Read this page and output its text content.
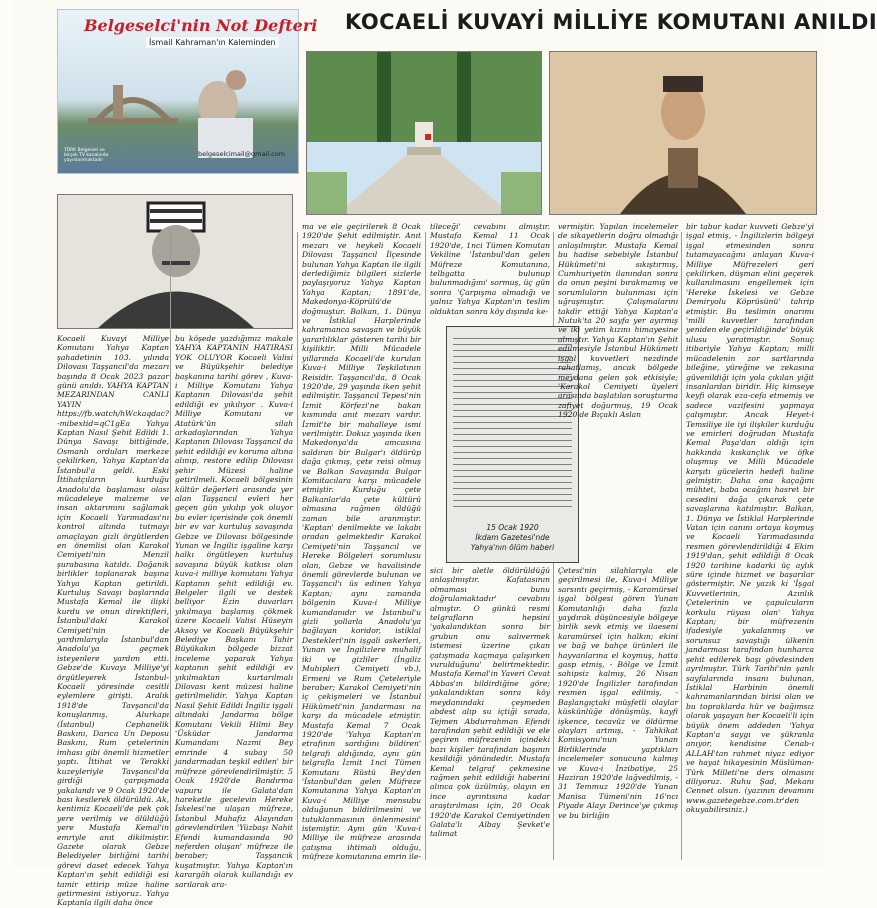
Belgeselci'nin Not Defteri
İsmail Kahraman'ın Kaleminden
TÜRK Belgeseli ve birçok TV kanalında yayınlanmaktadır
belgeselcimail@gmail.com
KOCAELİ KUVAYİ MİLLİYE KOMUTANI ANILDI

Kocaeli Kuvayi Milliye Komutanı Yahya Kaptan şahadetinin 103. yılında Dilovası Taşşancıl'da mezarı başında 8 Ocak 2023 pazar günü anıldı. YAHYA KAPTAN MEZARINDAN CANLI YAYIN https://fb.watch/hWckaqdac?-mibextid=qC1gEa Yahya Kaptan Nasıl Şehit Edildi 1. Dünya Savaşı bittiğinde, Osmanlı orduları merkeze çekilirken, Yahya Kaptan'da İstanbul'a geldi. Eski İttihatçıların kurduğu Anadolu'da başlaması olası mücadeleye malzeme ve insan aktarımını sağlamak için Kocaeli Yarımadası'nı kontrol altında tutmayı amaçlayan gizli örgütlerden en önemlisi olan Karakol Cemiyeti'nin Menzil şurabasına katıldı. Doğanık birlikler toplanarak başına Yahya Kaptan getirildi. Kurtuluş Savaşı başlarında Mustafa Kemal ile ilişki kurdu ve onun direktifleri, İstanbul'daki Karakol Cemiyeti'nin de yardımlarıyla İstanbul'dan Anadolu'ya geçmek isteyenlere yardım etti. Gebze'de Kuvayı Milliye'yi örgütleyerek İstanbul-Kocaeli yöresinde cesitli eylemlere girişti. Aralık 1918'de Tavşancıl'da konuşlanmış, Alurkapı (İstanbul) Cephanelik Baskını, Darıca Un Deposu Baskını, Rum çetelerinin imhası gibi önemli hizmetler yaptı. İttihat ve Terakki kuzeyleriyle Tavşancıl'da girdiği çarpışmada yakalandı ve 9 Ocak 1920'de bası kesilerek öldürüldü. Ak, kentimiz Kocaeli'de pek çok yere verilmiş ve ölüldüğü yere Mustafa Kemal'in emriyle anıt dikilmiştir. Gazete olarak Gebze Belediyeler birliğini tarihi görevi daset edecek Yahya Kaptan'ın şehit edildiği esi tamir ettirip müze haline getirmesini istiyoruz. Yahya Kaptanla ilgili daha önce

bu köşede yazdığımız makale YAHYA KAPTANIN HATIRASI YOK OLUYOR Kocaeli Valisi ve Büyükşehir belediye başkanına tarihi görev , Kuva-i Milliye Komutanı Yahya Kaptanın Dilovası'da şehit edildiği ev yıkılıyor . Kuva-i Milliye Komutanı ve Atatürk'ün silah arkadaşlarından Yahya Kaptanın Dilovası Taşşancıl da şehit edildiği ev koruma altına alınıp, restore edilip Dilovası şehir Müzesi haline getirilmeli. Kocaeli bölgesinin kültür değerleri arasında yer alan Taşşancıl evleri her geçen gün yıkılıp yok oluyor bu evler içerisinde çok önemli bir ev var kurtuluş savaşında Gebze ve Dilovası bölgesinde Yunan ve İngiliz işgaline karşı halkı örgütleyen kurtuluş savaşına büyük katkısı olan kuva-i milliye komutanı Yahya Kaptanın şehit edildiği ev. Belgeler ilgili ve destek belliyor Ezin duvarları yıkılmaya başlamış çökmek üzere Kocaeli Valisi Hüseyin Aksoy ve Kocaeli Büyükşehir Belediye Başkanı Tahir Büyükakın bölgede bizzat inceleme yaparak Yahya kaptanın şehit edildiği ev yıkılmaktan kurtarılmalı Dilovası kent müzesi haline getirilmelidir. Yahya Kaptan Nasıl Şehit Edildi İngiliz işgali altındaki Jandarma bölge Komutanı Vekili Hilmi Bey 'Üsküdar Jandarma Kumandanı Nazmi Bey emrinde 4 subay 50 jandarmadan teşkil edilen' bir müfreze görevlendirilmiştir. 5 Ocak 1920'de Bandırma vapuru ile Galata'dan hareketle gecelevin Hereke İskelesi'ne ulaşan müfreze, İstanbul Muhafız Alayından görevlendirilen 'Yüzbaşı Nahit Efendi kumandasında 90 neferden oluşan' müfreze ile beraber; Taşşancık kuşatmıştır. Yahya Kaptan'ın karargâh olarak kullandığı ev sarılarak ara-

ma ve ele geçirilerek 8 Ocak 1920'de Şehit edilmiştir. Anıt mezarı ve heykeli Kocaeli Dilovası Taşşancıl İlçesinde bulunan Yahya Kaptan ile ilgili derlediğimiz bilgileri sizlerle paylaşıyoruz Yahya Kaptan Yahya Kaptan; 1891'de, Makedonya-Köprülü'de doğmuştur. Balkan, 1. Dünya ve İstiklal Harplerinde kahramanca savaşan ve büyük yararlılıklar gösteren tarihi bir kişiliktir. Milli Mücadele yıllarında Kocaeli'de kurulan Kuva-i Milliye Teşkilatının Reisidir. Taşşancıl'da, 8 Ocak 1920'de, 29 yaşında iken şehit edilmiştir. Taşşancıl Tepesi'nin İzmit Körfezi'ne bakan kısmında anıt mezarı vardır. İzmit'te bir mahalleye ismi verilmiştir. Dokuz yaşında iken Makedonya'da amcasına saldıran bir Bulgar'ı öldürüp dağa çıkmış, çete reisi olmuş ve Balkan Savaşında Bulgar Komitacılara karşı mücadele etmiştir. Kurduğu çete Balkanlar'da çete kültürü olmasına rağmen öldüğü zaman bile aranmıştır. 'Kaptan' denilmekte ve lakabı oradan gelmektedir Karakol Cemiyeti'nin Taşşancıl ve Hereke Bölgeleri sorumlusu olan, Gebze ve havalisinde önemli görevlerde bulunan ve Taşşancıl'ı üs edinen Yahya Kaptan; aynı zamanda bölgenin Kuva-i Milliye kumandanıdır ve İstanbul'u gizli yollarla Anadolu'ya bağlayan koridor, istiklal Destekleri'nin işgali askerleri, Yunan ve İngilizlere muhalif iki ve gizliler (İngiliz Muhipleri Cemiyeti vb.), Ermeni ve Rum Çeteleriyle beraber; Karakol Cemiyeti'nin iç çekişmeleri ve İstanbul Hükümeti'nin Jandarması na karşı da mücadele etmiştir. Mustafa Kemal 7 Ocak 1920'de 'Yahya Kaptan'ın etrafının sardığını bildiren' telgrafı aldığında, aynı gün telgrafla İzmit 1nci Tümen Komutanı Rüstü Bey'den 'İstanbul'dan gelen Müfreze Komutanına Yahya Kaptan'ın Kuva-i Milliye mensubu olduğunun bildirilmesini ve tutuklanmasının önlenmesini' istemiştir. Aynı gün 'Kuva-i Milliye ile müfreze arasında çatışma ihtimali olduğu, müfreze komutanına emrin ile-

tileceği' cevabını almıştır. Mustafa Kemal 11 Ocak 1920'de, 1nci Tümen Komutan Vekiline 'İstanbul'dan gelen Müfreze Komutanına, telbgatta bulunup bulunmadığını' sormuş, üç gün sonra 'Çarpışma olmadığı ve yalnız Yahya Kaptan'ın teslim olduktan sonra köy dışında ke-

15 Ocak 1920
İkdam Gazetesi'nde
Yahya'nın ölüm haberi

sici bir aletle öldürüldüğü anlaşılmıştır. Kafatasının olmaması bunu doğrulamaktadır' cevabını almıştır. O günkü resmi telgrafların hepsini 'yakalandıktan sonra bir grubun onu salıvermek istemesi üzerine çıkan çatışmada kaçmaya çalışırken vurulduğunu' belirtmektedir. Mustafa Kemal'in Yaveri Cevat Abbas'ın bildirdiğine göre; yakalandıktan sonra köy meydanındaki çeşmeden abdest alıp su içtiği sırada, Tejmen Abdurrahman Efendi tarafından şehit edildiği ve ele geçiren müfrezenin içindeki bazı kişiler tarafından başının kesildiği yönündedir. Mustafa Kemal telgraf çekmesine rağmen şehit edildiği haberini alınca çok üzülmüş, olayın en ince ayrıntısına kadar araştırılması için, 20 Ocak 1920'de Karakol Cemiyetinden Galata'lı Albay Şevket'e talimat

vermiştir. Yapılan incelemeler de sikayetlerin doğru olmadığı anlaşılmıştır. Mustafa Kemal bu hadise sebebiyle İstanbul Hükümeti'ni sıkıştırmış, Cumhuriyetin ilanından sonra da onun peşini bırakmamış ve sorumluların bulunması için uğraşmıştır. Çalışmalarını takdir ettiği Yahya Kaptan'a Nutuk'ta 20 sayfa yer ayırmış ve iki yetim kızını himayesine almıştır. Yahya Kaptan'ın Şehit edilmesiyle İstanbul Hükümeti işgal kuvvetleri nezdinde rahatlamış, ancak bölgede meydana gelen şok etkisiyle; 'Karakol Cemiyeti üyeleri arasında başlatılan soruşturma zafiyet doğurmuş, 19 Ocak 1920'de Bıçaklı Aslan

Çetesi'nin silahlarıyla ele geçirilmesi ile, Kuva-i Milliye sarsıntı geçirmiş, - Karamürsel işgal bölgesi gören Yunan Komutanlığı daha fazla yaydırak düşüncesiyle bölgeye birlik sevk etmiş ve ilaeseni karamürsel için halkın; ekini ve bağ ve bahçe ürünleri ile hayvanlarına el koymuş, hatta gasp etmiş, - Bölge ve İzmit sahipsiz kalmış, 26 Nisan 1920'de İngilizler tarafından resmen işgal edilmiş, - Başlangıçtaki müşfetli olaylar küskünlüğe dönüşmüş, kayfi işkence, tecavüz ve öldürme olayları artmış, - Tahkikat Komisyonu'nun Yunan Birliklerinde yaptıkları incelemeler sonucuna kalmış ve Kuva-i İnzibatiye, 25 Haziran 1920'de lağvedilmiş, - 31 Temmuz 1920'de Yunan Manisa Tümeni'nin 16'ncı Piyade Alayı Derince'ye çıkmış ve bu birliğin

bir tabur kadar kuvveti Gebze'yi işgal etmiş, - İngilizlerin bölgeyi işgal etmesinden sonra tutamayacağını anlayan Kuva-i Milliye Müfrezeleri geri çekilirken, düşman elini geçerek kullanılmasını engellemek için 'Hereke İskelesi ve Gebze Demiryolu Köprüsünü' tahrip etmiştir. Bu teslimin onarımı 'milli kuvvetler tarafından yeniden ele geçirildiğinde' büyük ulusu yaratmıştır. Sonuç itibariyle Yahya Kaptan; milli mücadelenin zor sartlarında bileğine, yüreğine ve zekasına güvenildiği için yola çıkılan yiğit insanlardan biridir. Hiç kimseye keyfi olarak eza-cefa etmemiş ve sadece vazifesini yapmaya çalışmıştır. Ancak Heyet-i Temsiliye ile iyi ilişkiler kurduğu ve emirleri doğrudan Mustafa Kemal Paşa'dan aldığı için hakkında kıskançlık ve öfke oluşmuş ve Milli Mücadele karşıtı gücelerin hedefi haline gelmiştir. Daha ona kaçağını mühtet, baba ocağını hasret bir cesedini dağa çıkarak çete savaşlarına katılmıştır. Balkan, 1. Dünya ve İstiklal Harplerinde Vatan için canını ortaya koymuş ve Kocaeli Yarımadasında resmen görevlendirildiği 4 Ekim 1919'dan, şehit edildiği 8 Ocak 1920 tarihine kadarki üç aylık süre içinde hizmet ve başarılar göstermiştir. Ne yazık ki 'İşgal Kuvvetlerinin, Azınlık Çetelerinin ve çapulcuların korkulu rüyası olan' Yahya Kaptan; bir müfrezenin ifadesiyle yakalanmış ve sorunsuz savaştığı ülkenin jandarması tarafından hunharca şehit edilerek başı gövdesinden ayrılmıştır. Türk Tarihi'nin şanlı sayfalarında insanı bulunan, İstiklal Harbinin önemli kahramanlarından birisi olan ve bu topraklarda hür ve bağımsız olarak yaşayan her Kocaeli'li için büyük önem addeden 'Yahya Kaptan'a saygı ve şükranla anıyor, kendisine Cenab-ı ALLAH'tan rahmet niyaz ediyor ve hayat hikayesinin Müslüman-Türk Milleti'ne ders olmasını diliyoruz. Ruhu Şad, Mekanı Cennet olsun. (yazının devamını www.gazetegebze.com.tr'den okuyabilirsiniz.)
